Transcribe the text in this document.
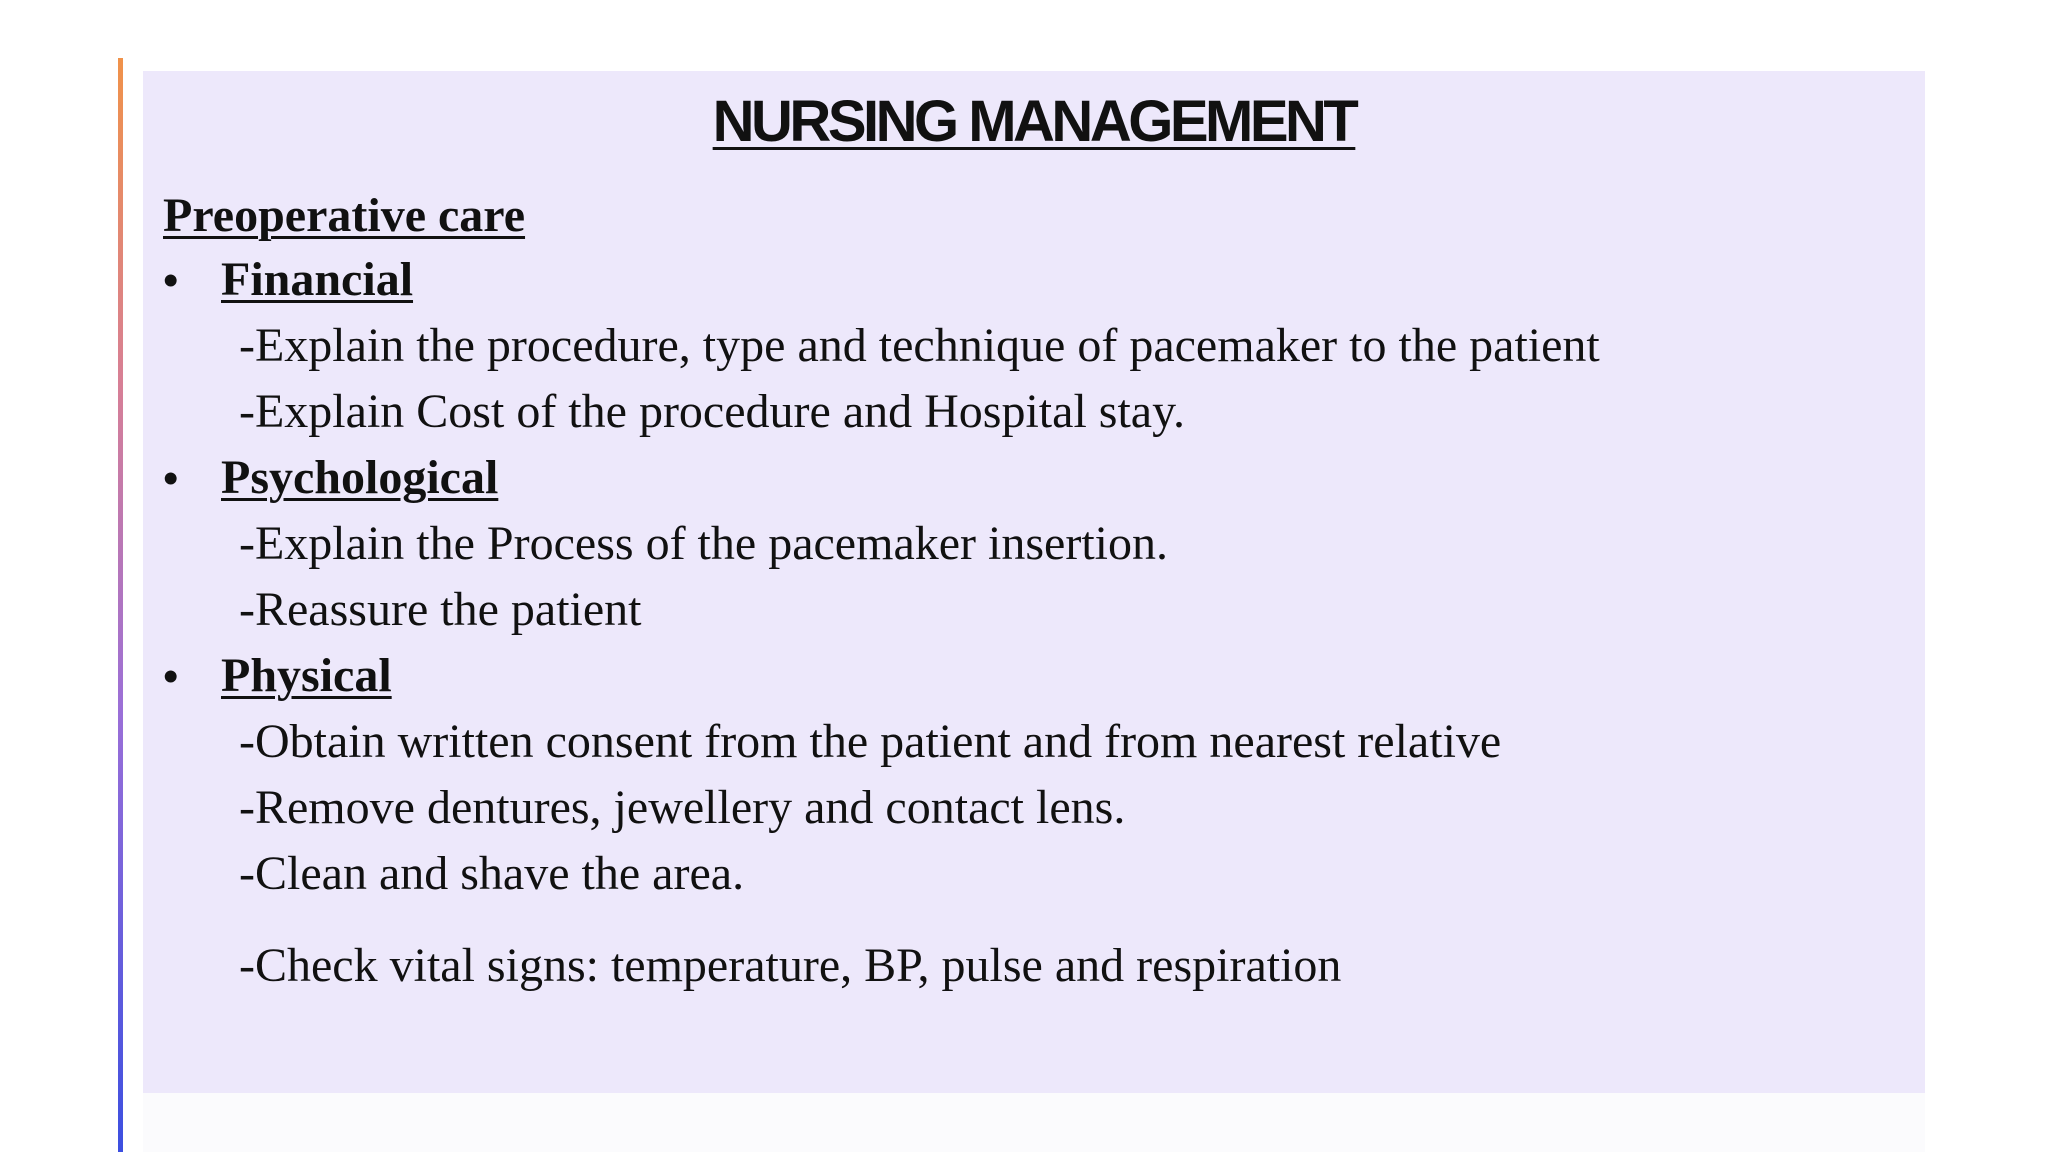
NURSING MANAGEMENT
Preoperative care
• Financial
-Explain the procedure, type and technique of pacemaker to the patient
-Explain Cost of the procedure and Hospital stay.
• Psychological
-Explain the Process of the pacemaker insertion.
-Reassure the patient
• Physical
-Obtain written consent from the patient and from nearest relative
-Remove dentures, jewellery and contact lens.
-Clean and shave the area.
-Check vital signs: temperature, BP, pulse and respiration
